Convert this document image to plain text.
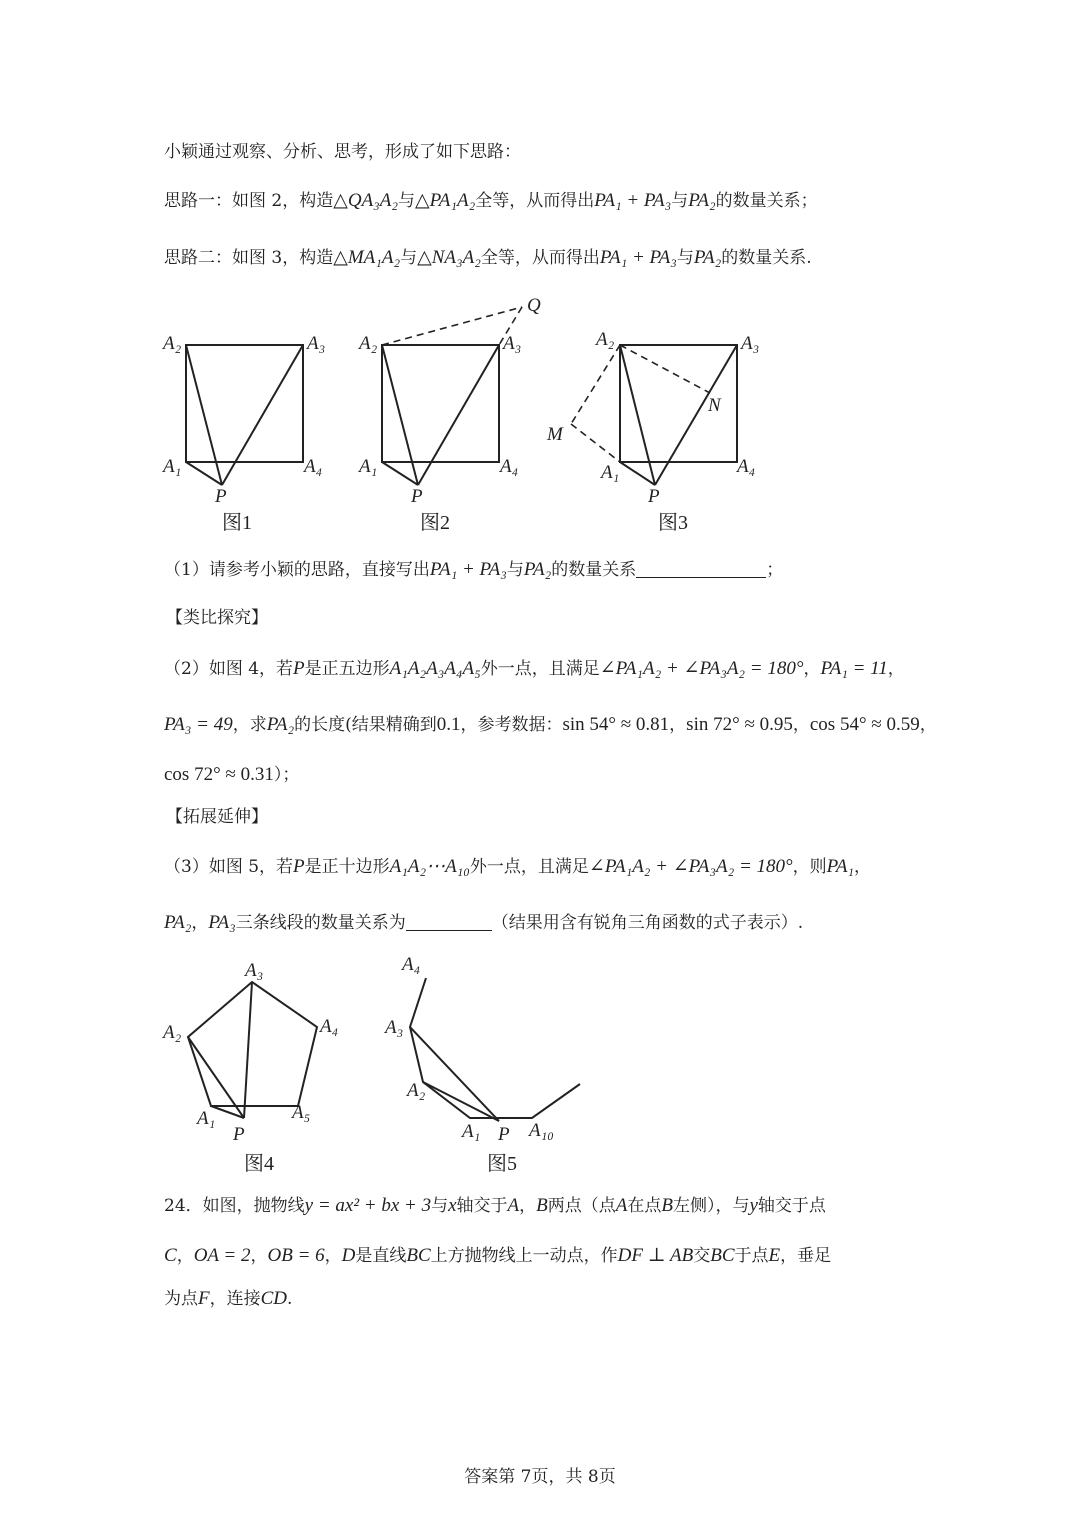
小颖通过观察、分析、思考，形成了如下思路：
思路一：如图 2，构造△QA₃A₂与△PA₁A₂全等，从而得出PA₁ + PA₃与PA₂的数量关系；
思路二：如图 3，构造△MA₁A₂与△NA₃A₂全等，从而得出PA₁ + PA₃与PA₂的数量关系.
A₂	A₃
A₁	A₄
P
A₂	A₃
A₁	A₄
P
Q
A₂	A₃
A₁	A₄
P
M
N
A₃
A₂	A₄
A₁	A₅
P
A₄
A₃
A₂
A₁ P A₁₀
图1	图2	图3
图4	图5
（1）请参考小颖的思路，直接写出PA₁ + PA₃与PA₂的数量关系	；
【类比探究】
（2）如图 4，若P是正五边形A₁A₂A₃A₄A₅外一点，且满足∠PA₁A₂ + ∠PA₃A₂ = 180°，PA₁ = 11，
PA₃ = 49，求PA₂的长度(结果精确到0.1，参考数据：sin 54° ≈ 0.81，sin 72° ≈ 0.95，cos 54° ≈ 0.59，
cos 72° ≈ 0.31）；
【拓展延伸】
（3）如图 5，若P是正十边形A₁A₂⋯A₁₀外一点，且满足∠PA₁A₂ + ∠PA₃A₂ = 180°，则PA₁，
PA₂，PA₃三条线段的数量关系为	（结果用含有锐角三角函数的式子表示）.
24．如图，抛物线y = ax² + bx + 3与x轴交于A，B两点（点A在点B左侧），与y轴交于点
C，OA = 2，OB = 6，D是直线BC上方抛物线上一动点，作DF ⊥ AB交BC于点E，垂足
为点F，连接CD.
答案第 7页，共 8页
